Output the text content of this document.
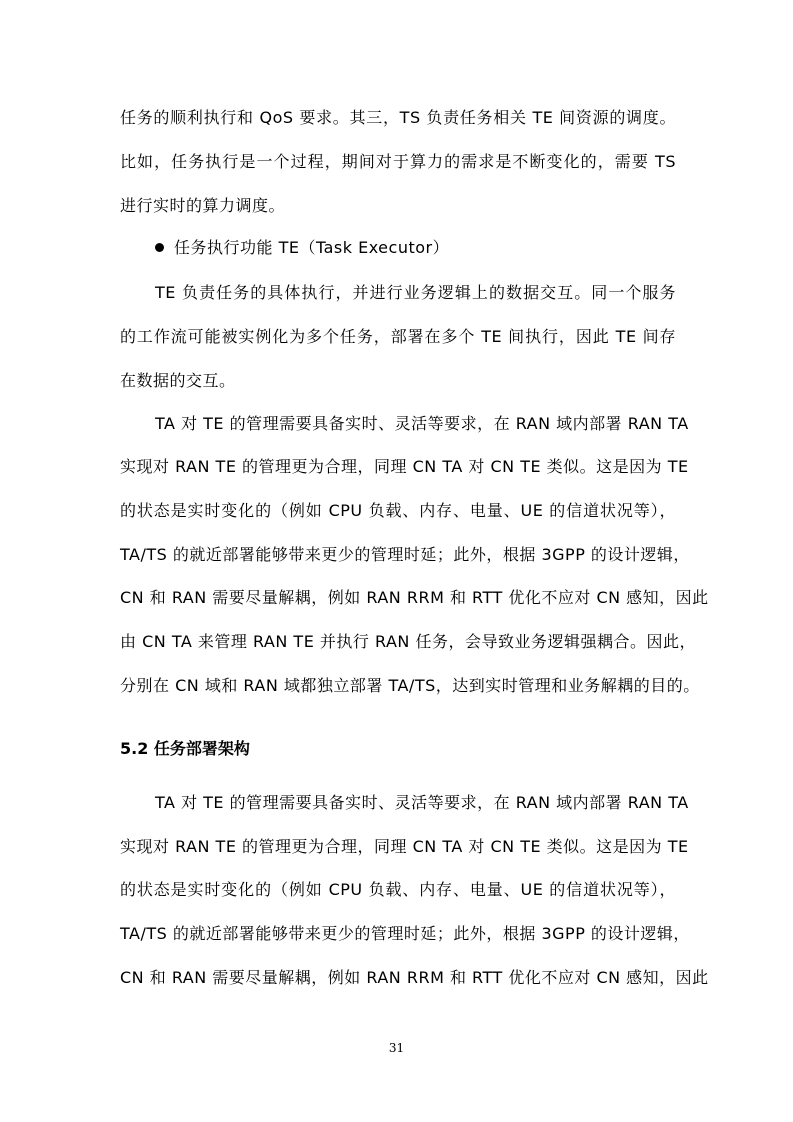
任务的顺利执行和 QoS 要求。其三，TS 负责任务相关 TE 间资源的调度。
比如，任务执行是一个过程，期间对于算力的需求是不断变化的，需要 TS
进行实时的算力调度。
任务执行功能 TE（Task Executor）
TE 负责任务的具体执行，并进行业务逻辑上的数据交互。同一个服务
的工作流可能被实例化为多个任务，部署在多个 TE 间执行，因此 TE 间存
在数据的交互。
TA 对 TE 的管理需要具备实时、灵活等要求，在 RAN 域内部署 RAN TA
实现对 RAN TE 的管理更为合理，同理 CN TA 对 CN TE 类似。这是因为 TE
的状态是实时变化的（例如 CPU 负载、内存、电量、UE 的信道状况等），
TA/TS 的就近部署能够带来更少的管理时延；此外，根据 3GPP 的设计逻辑，
CN 和 RAN 需要尽量解耦，例如 RAN RRM 和 RTT 优化不应对 CN 感知，因此
由 CN TA 来管理 RAN TE 并执行 RAN 任务，会导致业务逻辑强耦合。因此，
分别在 CN 域和 RAN 域都独立部署 TA/TS，达到实时管理和业务解耦的目的。
5.2 任务部署架构
TA 对 TE 的管理需要具备实时、灵活等要求，在 RAN 域内部署 RAN TA
实现对 RAN TE 的管理更为合理，同理 CN TA 对 CN TE 类似。这是因为 TE
的状态是实时变化的（例如 CPU 负载、内存、电量、UE 的信道状况等），
TA/TS 的就近部署能够带来更少的管理时延；此外，根据 3GPP 的设计逻辑，
CN 和 RAN 需要尽量解耦，例如 RAN RRM 和 RTT 优化不应对 CN 感知，因此
31
